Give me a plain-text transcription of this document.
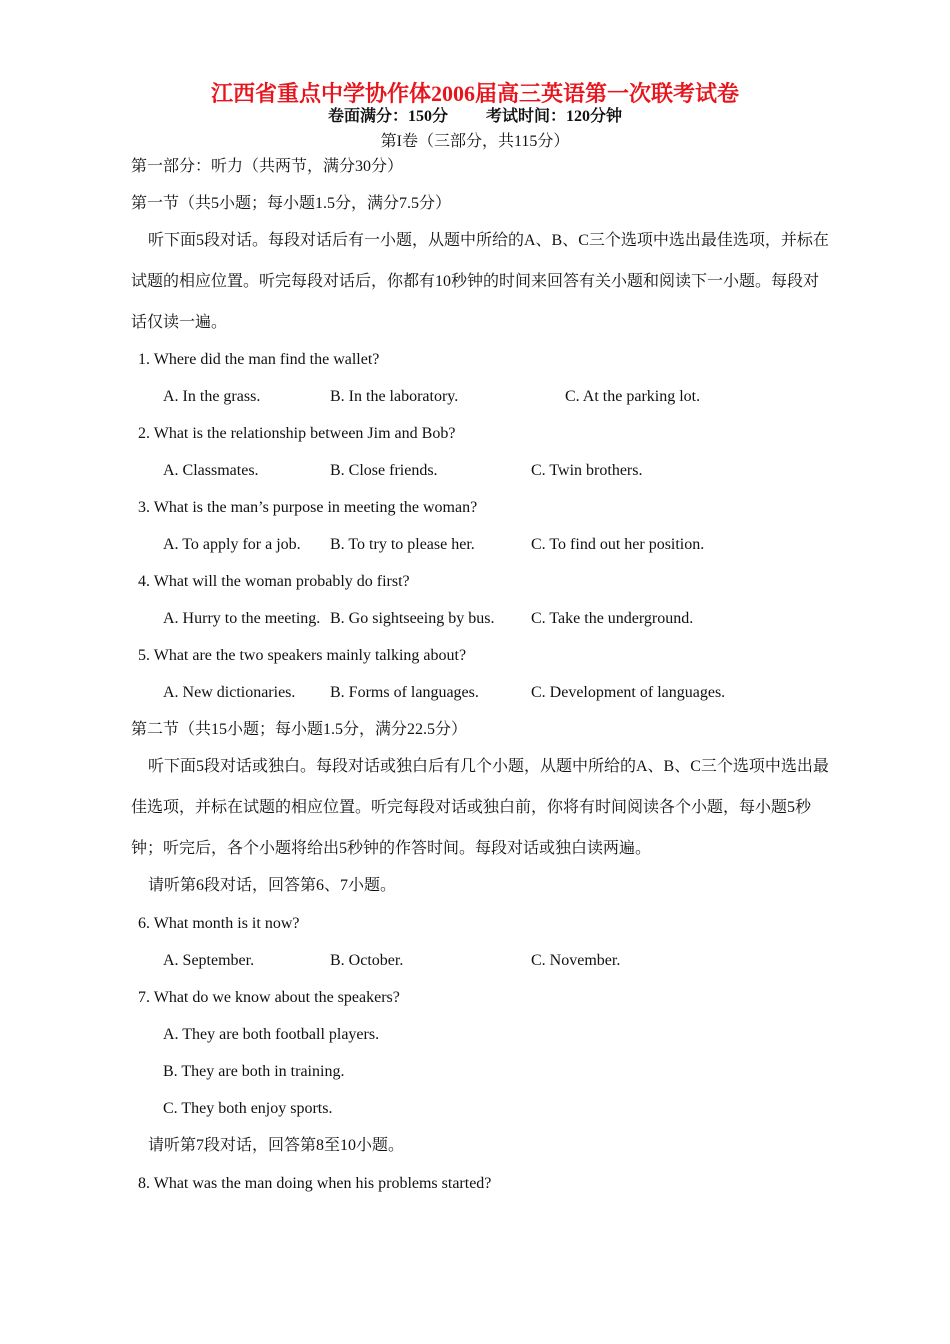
江西省重点中学协作体2006届高三英语第一次联考试卷
卷面满分：150分 考试时间：120分钟
第I卷（三部分，共115分）
第一部分：听力（共两节，满分30分）
第一节（共5小题；每小题1.5分，满分7.5分）
听下面5段对话。每段对话后有一小题，从题中所给的A、B、C三个选项中选出最佳选项，并标在试题的相应位置。听完每段对话后，你都有10秒钟的时间来回答有关小题和阅读下一小题。每段对话仅读一遍。
1. Where did the man find the wallet?
A. In the grass.	B. In the laboratory.	C. At the parking lot.
2. What is the relationship between Jim and Bob?
A. Classmates.	B. Close friends.	C. Twin brothers.
3. What is the man’s purpose in meeting the woman?
A. To apply for a job. B. To try to please her.	C. To find out her position.
4. What will the woman probably do first?
A. Hurry to the meeting. B. Go sightseeing by bus. C. Take the underground.
5. What are the two speakers mainly talking about?
A. New dictionaries. B. Forms of languages.	C. Development of languages.
第二节（共15小题；每小题1.5分，满分22.5分）
听下面5段对话或独白。每段对话或独白后有几个小题，从题中所给的A、B、C三个选项中选出最佳选项，并标在试题的相应位置。听完每段对话或独白前，你将有时间阅读各个小题，每小题5秒钟；听完后，各个小题将给出5秒钟的作答时间。每段对话或独白读两遍。
请听第6段对话，回答第6、7小题。
6. What month is it now?
A. September.	B. October.	C. November.
7. What do we know about the speakers?
A. They are both football players.
B. They are both in training.
C. They both enjoy sports.
请听第7段对话，回答第8至10小题。
8. What was the man doing when his problems started?
